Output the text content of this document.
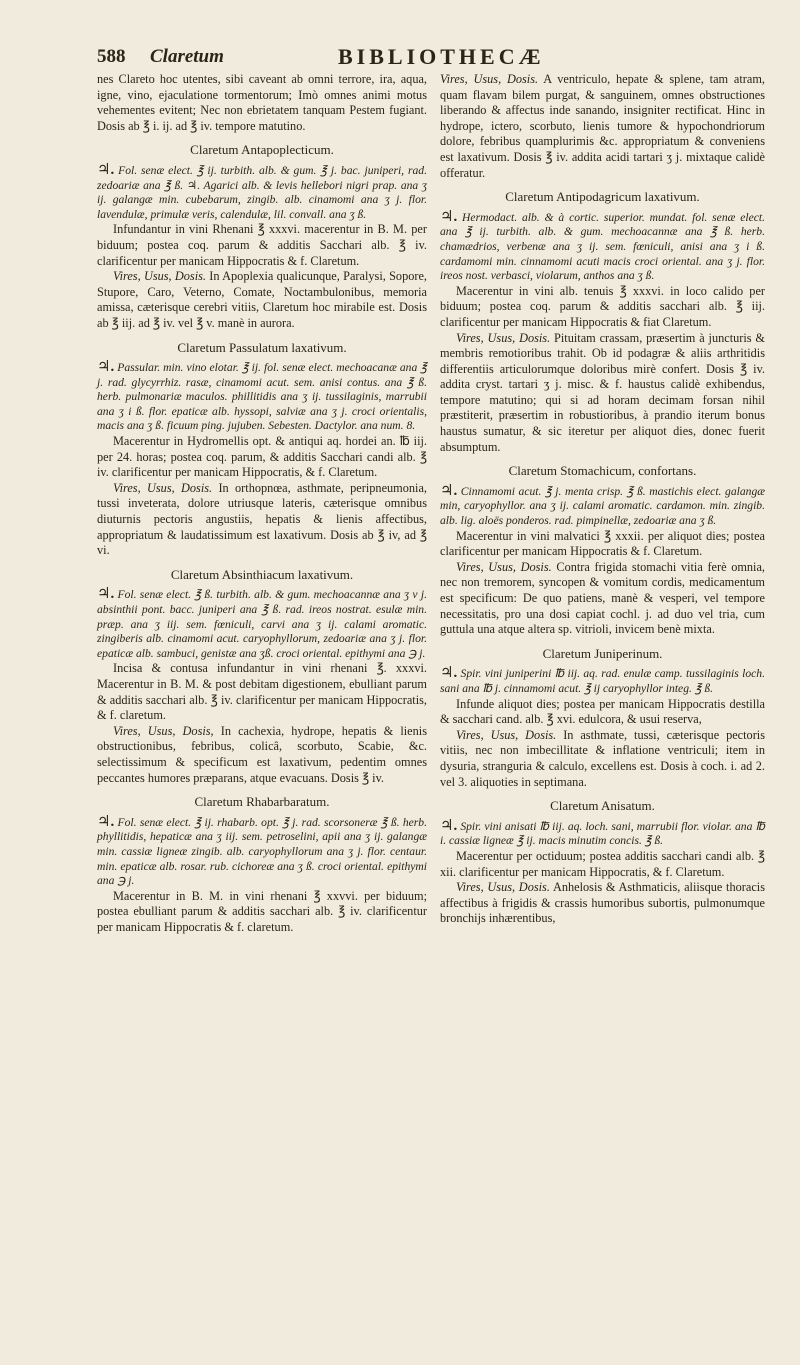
588 Claretum	BIBLIOTHECÆ

nes Clareto hoc utentes, sibi caveant ab omni terrore, ira, aqua, igne, vino, ejaculatione tormentorum; Imò omnes animi motus vehementes evitent; Nec non ebrietatem tanquam Pestem fugiant. Dosis ab ℥ i. ij. ad ℥ iv. tempore matutino.

Claretum Antapoplecticum.

♃. Fol. senæ elect. ℥ ij. turbith. alb. & gum. ℥ j. bac. juniperi, rad. zedoariæ ana ℥ ß. ♃. Agarici alb. & levis hellebori nigri prap. ana ʒ ij. galangæ min. cubebarum, zingib. alb. cinamomi ana ʒ j. flor. lavendulæ, primulæ veris, calendulæ, lil. convall. ana ʒ ß.

Infundantur in vini Rhenani ℥ xxxvi. macerentur in B. M. per biduum; postea coq. parum & additis Sacchari alb. ℥ iv. clarificentur per manicam Hippocratis & f. Claretum.

Vires, Usus, Dosis. In Apoplexia qualicunque, Paralysi, Sopore, Stupore, Caro, Veterno, Comate, Noctambulonibus, memoria amissa, cæterisque cerebri vitiis, Claretum hoc mirabile est. Dosis ab ℥ iij. ad ℥ iv. vel ℥ v. manè in aurora.

Claretum Passulatum laxativum.

♃. Passular. min. vino elotar. ℥ ij. fol. senæ elect. mechoacanæ ana ℥ j. rad. glycyrrhiz. rasæ, cinamomi acut. sem. anisi contus. ana ℥ ß. herb. pulmonariæ maculos. phillitidis ana ʒ ij. tussilaginis, marrubii ana ʒ i ß. flor. epaticæ alb. hyssopi, salviæ ana ʒ j. croci orientalis, macis ana ʒ ß. ficuum ping. jujuben. Sebesten. Dactylor. ana num. 8.

Macerentur in Hydromellis opt. & antiqui aq. hordei an. ℔ iij. per 24. horas; postea coq. parum, & additis Sacchari candi alb. ℥ iv. clarificentur per manicam Hippocratis, & f. Claretum.

Vires, Usus, Dosis. In orthopnœa, asthmate, peripneumonia, tussi inveterata, dolore utriusque lateris, cæterisque omnibus diuturnis pectoris angustiis, hepatis & lienis affectibus, appropriatum & laudatissimum est laxativum. Dosis ab ℥ iv, ad ℥ vi.

Claretum Absinthiacum laxativum.

♃. Fol. senæ elect. ℥ ß. turbith. alb. & gum. mechoacannæ ana ʒ v j. absinthii pont. bacc. juniperi ana ℥ ß. rad. ireos nostrat. esulæ min. præp. ana ʒ iij. sem. fœniculi, carvi ana ʒ ij. calami aromatic. zingiberis alb. cinamomi acut. caryophyllorum, zedoariæ ana ʒ j. flor. epaticæ alb. sambuci, genistæ ana ʒß. croci oriental. epithymi ana ℈ j.

Incisa & contusa infundantur in vini rhenani ℥. xxxvi. Macerentur in B. M. & post debitam digestionem, ebulliant parum & additis sacchari alb. ℥ iv. clarificentur per manicam Hippocratis, & f. claretum.

Vires, Usus, Dosis, In cachexia, hydrope, hepatis & lienis obstructionibus, febribus, colicâ, scorbuto, Scabie, &c. selectissimum & specificum est laxativum, pedentim omnes peccantes humores præparans, atque evacuans. Dosis ℥ iv.

Claretum Rhabarbaratum.

♃. Fol. senæ elect. ℥ ij. rhabarb. opt. ℥ j. rad. scorsoneræ ℥ ß. herb. phyllitidis, hepaticæ ana ʒ iij. sem. petroselini, apii ana ʒ ij. galangæ min. cassiæ ligneæ zingib. alb. caryophyllorum ana ʒ j. flor. centaur. min. epaticæ alb. rosar. rub. cichoreæ ana ʒ ß. croci oriental. epithymi ana ℈ j.

Macerentur in B. M. in vini rhenani ℥ xxvvi. per biduum; postea ebulliant parum & additis sacchari alb. ℥ iv. clarificentur per manicam Hippocratis & f. claretum.

Vires, Usus, Dosis. A ventriculo, hepate & splene, tam atram, quam flavam bilem purgat, & sanguinem, omnes obstructiones liberando & affectus inde sanando, insigniter rectificat. Hinc in hydrope, ictero, scorbuto, lienis tumore & hypochondriorum dolore, febribus quamplurimis &c. appropriatum & conveniens est laxativum. Dosis ℥ iv. addita acidi tartari ʒ j. mixtaque calidè offeratur.

Claretum Antipodagricum laxativum.

♃. Hermodact. alb. & à cortic. superior. mundat. fol. senæ elect. ana ℥ ij. turbith. alb. & gum. mechoacannæ ana ℥ ß. herb. chamædrios, verbenæ ana ʒ ij. sem. fœniculi, anisi ana ʒ i ß. cardamomi min. cinnamomi acuti macis croci oriental. ana ʒ j. flor. ireos nost. verbasci, violarum, anthos ana ʒ ß.

Macerentur in vini alb. tenuis ℥ xxxvi. in loco calido per biduum; postea coq. parum & additis sacchari alb. ℥ iij. clarificentur per manicam Hippocratis & fiat Claretum.

Vires, Usus, Dosis. Pituitam crassam, præsertim à juncturis & membris remotioribus trahit. Ob id podagræ & aliis arthritidis differentiis articulorumque doloribus mirè confert. Dosis ℥ iv. addita cryst. tartari ʒ j. misc. & f. haustus calidè exhibendus, tempore matutino; qui si ad horam decimam forsan nihil præstiterit, præsertim in robustioribus, à prandio iterum bonus haustus sumatur, & sic iteretur per aliquot dies, donec fuerit absumptum.

Claretum Stomachicum, confortans.

♃. Cinnamomi acut. ℥ j. menta crisp. ℥ ß. mastichis elect. galangæ min, caryophyllor. ana ʒ ij. calami aromatic. cardamon. min. zingib. alb. lig. aloës ponderos. rad. pimpinellæ, zedoariæ ana ʒ ß.

Macerentur in vini malvatici ℥ xxxii. per aliquot dies; postea clarificentur per manicam Hippocratis & f. Claretum.

Vires, Usus, Dosis. Contra frigida stomachi vitia ferè omnia, nec non tremorem, syncopen & vomitum cordis, medicamentum est specificum: De quo patiens, manè & vesperi, vel tempore necessitatis, pro una dosi capiat cochl. j. ad duo vel tria, cum guttula una atque altera sp. vitrioli, invicem benè mixta.

Claretum Juniperinum.

♃. Spir. vini juniperini ℔ iij. aq. rad. enulæ camp. tussilaginis loch. sani ana ℔ j. cinnamomi acut. ℥ ij caryophyllor integ. ℥ ß.

Infunde aliquot dies; postea per manicam Hippocratis destilla & sacchari cand. alb. ℥ xvi. edulcora, & usui reserva,

Vires, Usus, Dosis. In asthmate, tussi, cæterisque pectoris vitiis, nec non imbecillitate & inflatione ventriculi; item in dysuria, stranguria & calculo, excellens est. Dosis à coch. i. ad 2. vel 3. aliquoties in septimana.

Claretum Anisatum.

♃. Spir. vini anisati ℔ iij. aq. loch. sani, marrubii flor. violar. ana ℔ i. cassiæ ligneæ ℥ ij. macis minutim concis. ℥ ß.

Macerentur per octiduum; postea additis sacchari candi alb. ℥ xii. clarificentur per manicam Hippocratis, & f. Claretum.

Vires, Usus, Dosis. Anhelosis & Asthmaticis, aliisque thoracis affectibus à frigidis & crassis humoribus subortis, pulmonumque bronchijs inhærentibus,
